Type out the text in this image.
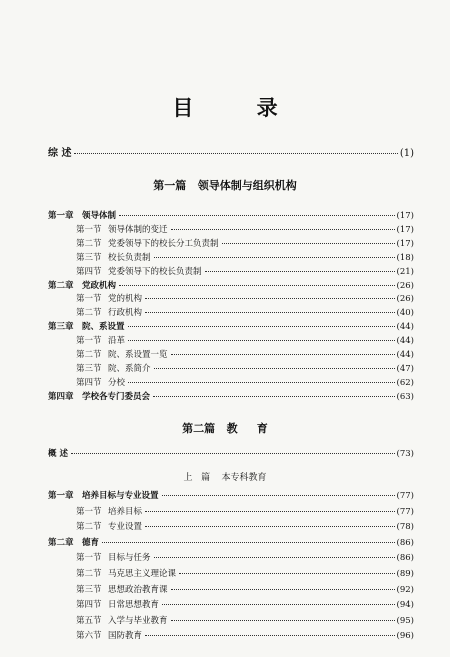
目 录
综 述	(1)
第一篇   领导体制与组织机构
第一章 领导体制	(17)
第一节 领导体制的变迁	(17)
第二节 党委领导下的校长分工负责制	(17)
第三节 校长负责制	(18)
第四节 党委领导下的校长负责制	(21)
第二章 党政机构	(26)
第一节 党的机构	(26)
第二节 行政机构	(40)
第三章 院、系设置	(44)
第一节 沿革	(44)
第二节 院、系设置一览	(44)
第三节 院、系简介	(47)
第四节 分校	(62)
第四章 学校各专门委员会	(63)
第二篇   教     育
概 述	(73)
上   篇    本专科教育
第一章 培养目标与专业设置	(77)
第一节 培养目标	(77)
第二节 专业设置	(78)
第二章 德育	(86)
第一节 目标与任务	(86)
第二节 马克思主义理论课	(89)
第三节 思想政治教育课	(92)
第四节 日常思想教育	(94)
第五节 入学与毕业教育	(95)
第六节 国防教育	(96)
